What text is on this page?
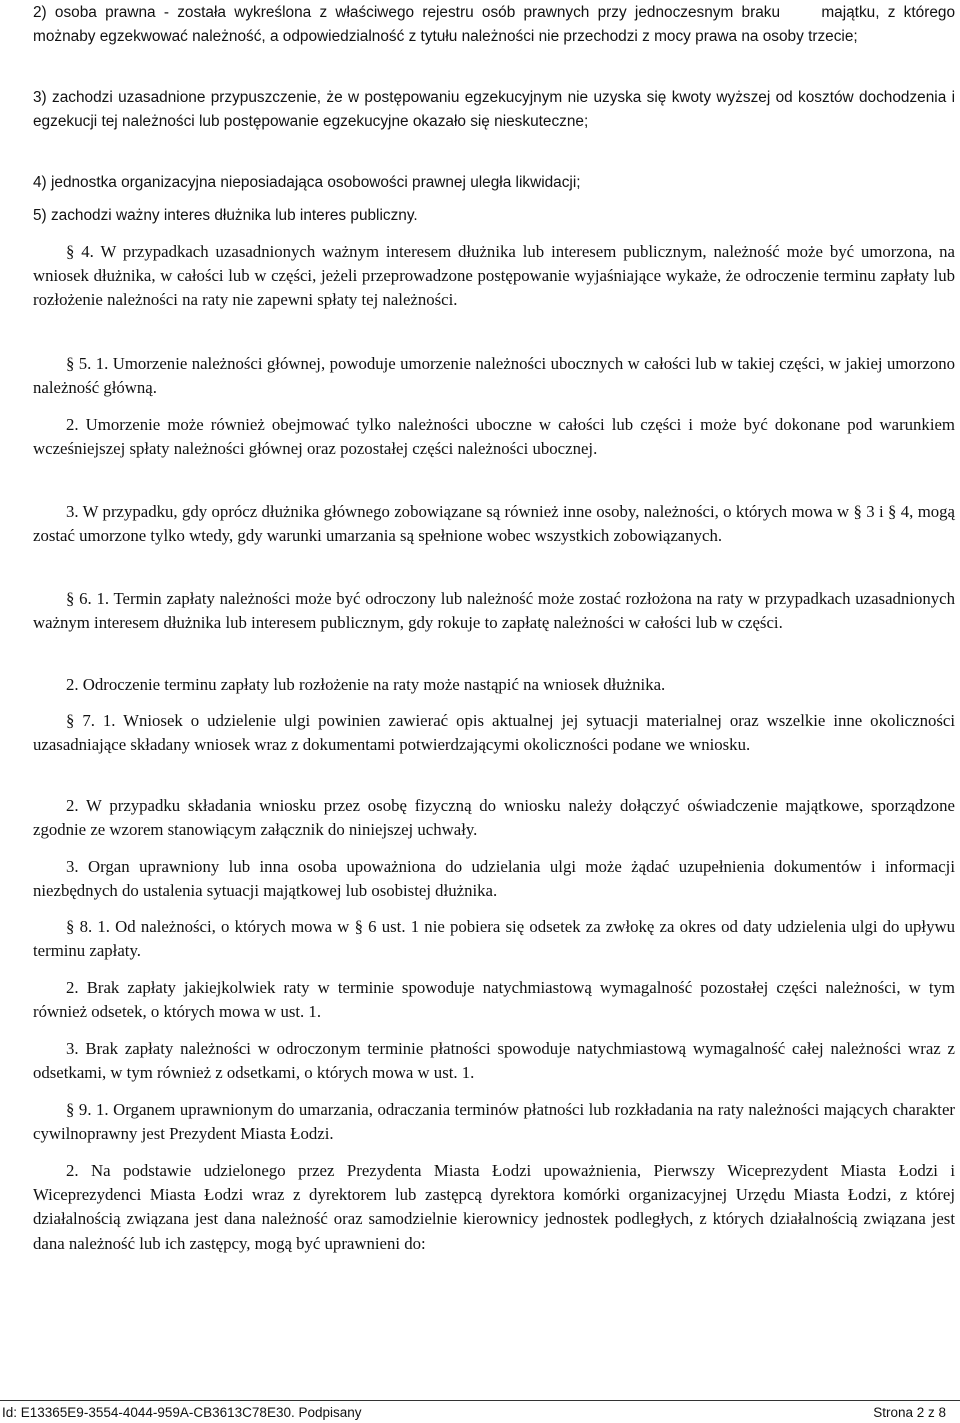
2) osoba prawna - została wykreślona z właściwego rejestru osób prawnych przy jednoczesnym braku	majątku, z którego możnaby egzekwować należność, a odpowiedzialność z tytułu należności nie przechodzi z mocy prawa na osoby trzecie;

3) zachodzi uzasadnione przypuszczenie, że w postępowaniu egzekucyjnym nie uzyska się kwoty wyższej od kosztów dochodzenia i egzekucji tej należności lub postępowanie egzekucyjne okazało się nieskuteczne;

4) jednostka organizacyjna nieposiadająca osobowości prawnej uległa likwidacji;

5) zachodzi ważny interes dłużnika lub interes publiczny.

§ 4. W przypadkach uzasadnionych ważnym interesem dłużnika lub interesem publicznym, należność może być umorzona, na wniosek dłużnika, w całości lub w części, jeżeli przeprowadzone postępowanie wyjaśniające wykaże, że odroczenie terminu zapłaty lub rozłożenie należności na raty nie zapewni spłaty tej należności.

§ 5. 1. Umorzenie należności głównej, powoduje umorzenie należności ubocznych w całości lub w takiej części, w jakiej umorzono należność główną.

2. Umorzenie może również obejmować tylko należności uboczne w całości lub części i może być dokonane pod warunkiem wcześniejszej spłaty należności głównej oraz pozostałej części należności ubocznej.

3. W przypadku, gdy oprócz dłużnika głównego zobowiązane są również inne osoby, należności, o których mowa w § 3 i § 4, mogą zostać umorzone tylko wtedy, gdy warunki umarzania są spełnione wobec wszystkich zobowiązanych.

§ 6. 1. Termin zapłaty należności może być odroczony lub należność może zostać rozłożona na raty w przypadkach uzasadnionych ważnym interesem dłużnika lub interesem publicznym, gdy rokuje to zapłatę należności w całości lub w części.

2. Odroczenie terminu zapłaty lub rozłożenie na raty może nastąpić na wniosek dłużnika.

§ 7. 1. Wniosek o udzielenie ulgi powinien zawierać opis aktualnej jej sytuacji materialnej oraz wszelkie inne okoliczności uzasadniające składany wniosek wraz z dokumentami potwierdzającymi okoliczności podane we wniosku.

2. W przypadku składania wniosku przez osobę fizyczną do wniosku należy dołączyć oświadczenie majątkowe, sporządzone zgodnie ze wzorem stanowiącym załącznik do niniejszej uchwały.

3. Organ uprawniony lub inna osoba upoważniona do udzielania ulgi może żądać uzupełnienia dokumentów i informacji niezbędnych do ustalenia sytuacji majątkowej lub osobistej dłużnika.

§ 8. 1. Od należności, o których mowa w § 6 ust. 1 nie pobiera się odsetek za zwłokę za okres od daty udzielenia ulgi do upływu terminu zapłaty.

2. Brak zapłaty jakiejkolwiek raty w terminie spowoduje natychmiastową wymagalność pozostałej części należności, w tym również odsetek, o których mowa w ust. 1.

3. Brak zapłaty należności w odroczonym terminie płatności spowoduje natychmiastową wymagalność całej należności wraz z odsetkami, w tym również z odsetkami, o których mowa w ust. 1.

§ 9. 1. Organem uprawnionym do umarzania, odraczania terminów płatności lub rozkładania na raty należności mających charakter cywilnoprawny jest Prezydent Miasta Łodzi.

2. Na podstawie udzielonego przez Prezydenta Miasta Łodzi upoważnienia, Pierwszy Wiceprezydent Miasta Łodzi i Wiceprezydenci Miasta Łodzi wraz z dyrektorem lub zastępcą dyrektora komórki organizacyjnej Urzędu Miasta Łodzi, z której działalnością związana jest dana należność oraz samodzielnie kierownicy jednostek podległych, z których działalnością związana jest dana należność lub ich zastępcy, mogą być uprawnieni do:

Id: E13365E9-3554-4044-959A-CB3613C78E30. Podpisany	Strona 2 z 8
